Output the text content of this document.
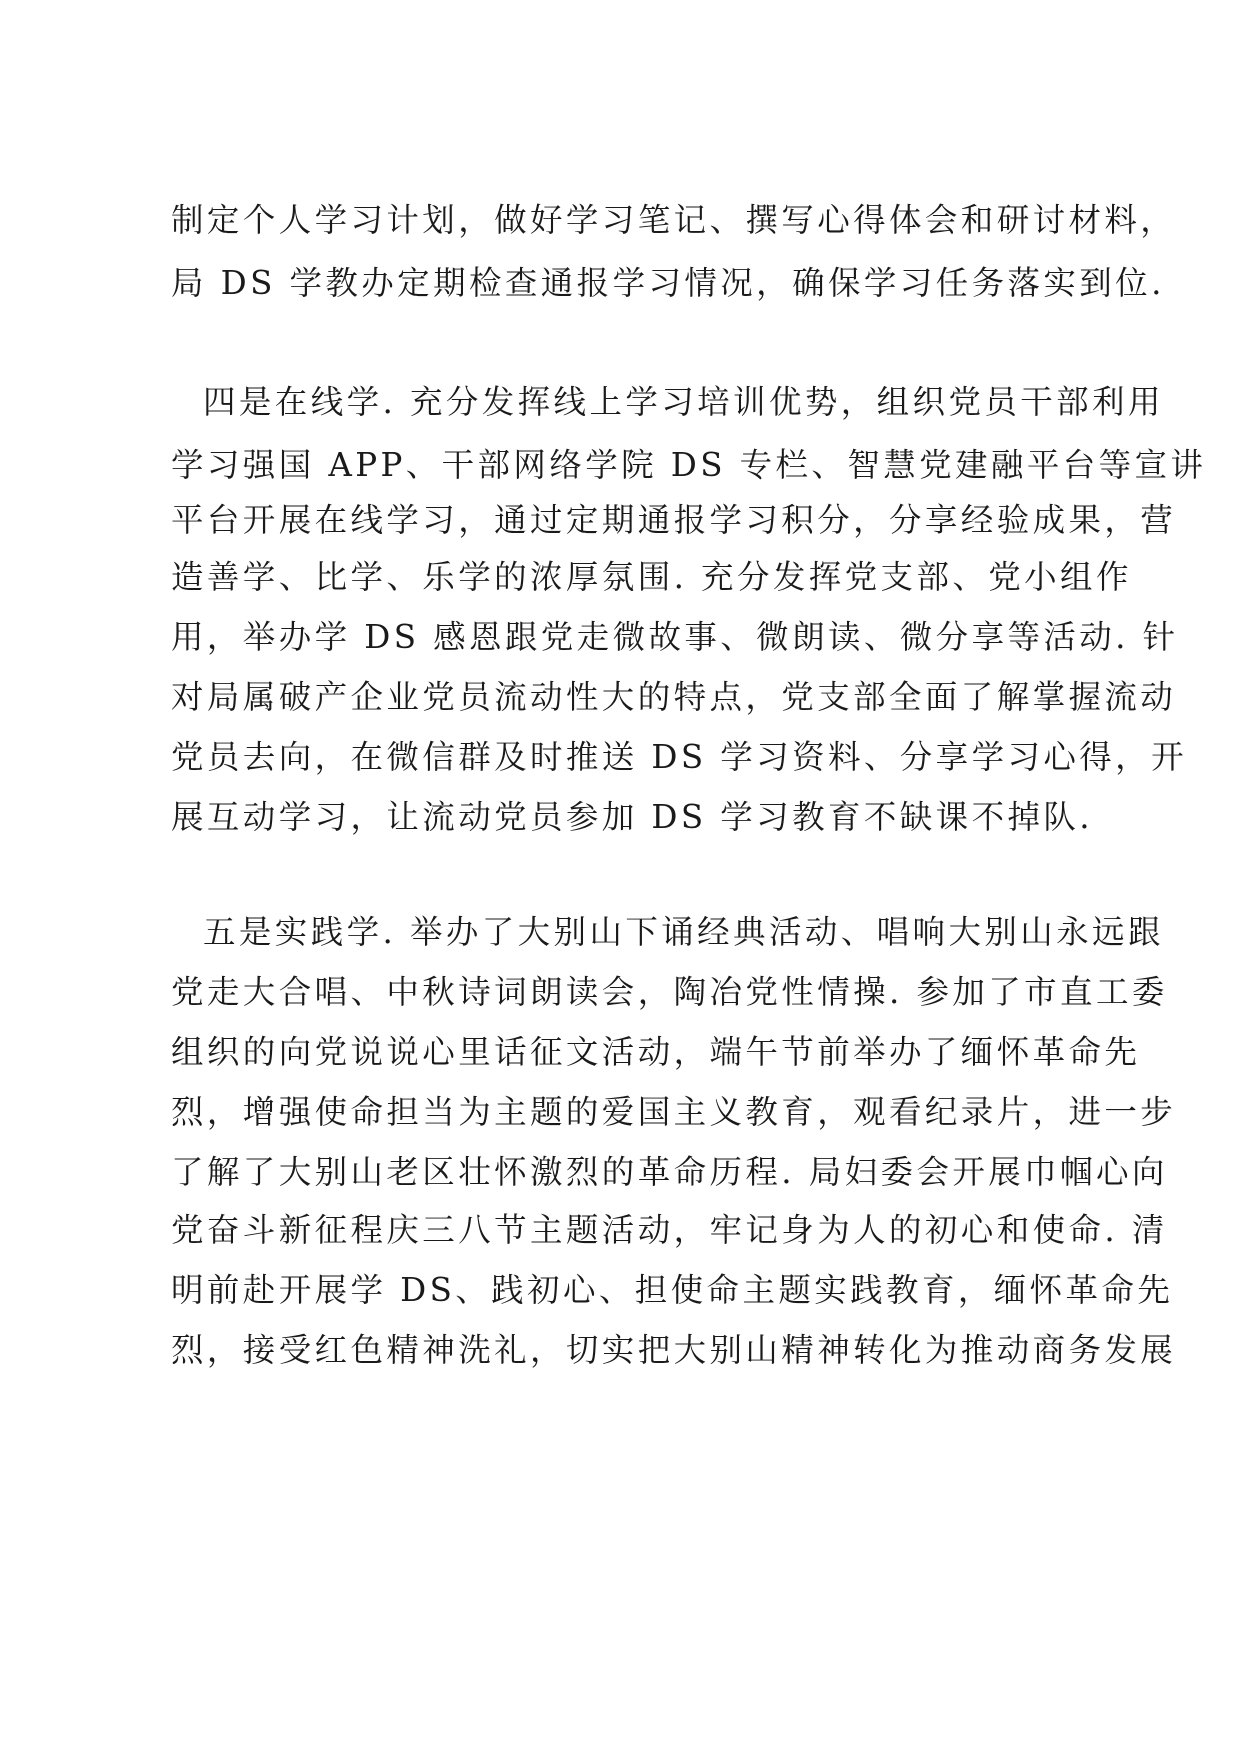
制定个人学习计划，做好学习笔记、撰写心得体会和研讨材料，
局 DS 学教办定期检查通报学习情况，确保学习任务落实到位.
四是在线学. 充分发挥线上学习培训优势，组织党员干部利用
学习强国 APP、干部网络学院 DS 专栏、智慧党建融平台等宣讲
平台开展在线学习，通过定期通报学习积分，分享经验成果，营
造善学、比学、乐学的浓厚氛围. 充分发挥党支部、党小组作
用，举办学 DS 感恩跟党走微故事、微朗读、微分享等活动. 针
对局属破产企业党员流动性大的特点，党支部全面了解掌握流动
党员去向，在微信群及时推送 DS 学习资料、分享学习心得，开
展互动学习，让流动党员参加 DS 学习教育不缺课不掉队.
五是实践学. 举办了大别山下诵经典活动、唱响大别山永远跟
党走大合唱、中秋诗词朗读会，陶冶党性情操. 参加了市直工委
组织的向党说说心里话征文活动，端午节前举办了缅怀革命先
烈，增强使命担当为主题的爱国主义教育，观看纪录片，进一步
了解了大别山老区壮怀激烈的革命历程. 局妇委会开展巾帼心向
党奋斗新征程庆三八节主题活动，牢记身为人的初心和使命. 清
明前赴开展学 DS、践初心、担使命主题实践教育，缅怀革命先
烈，接受红色精神洗礼，切实把大别山精神转化为推动商务发展
